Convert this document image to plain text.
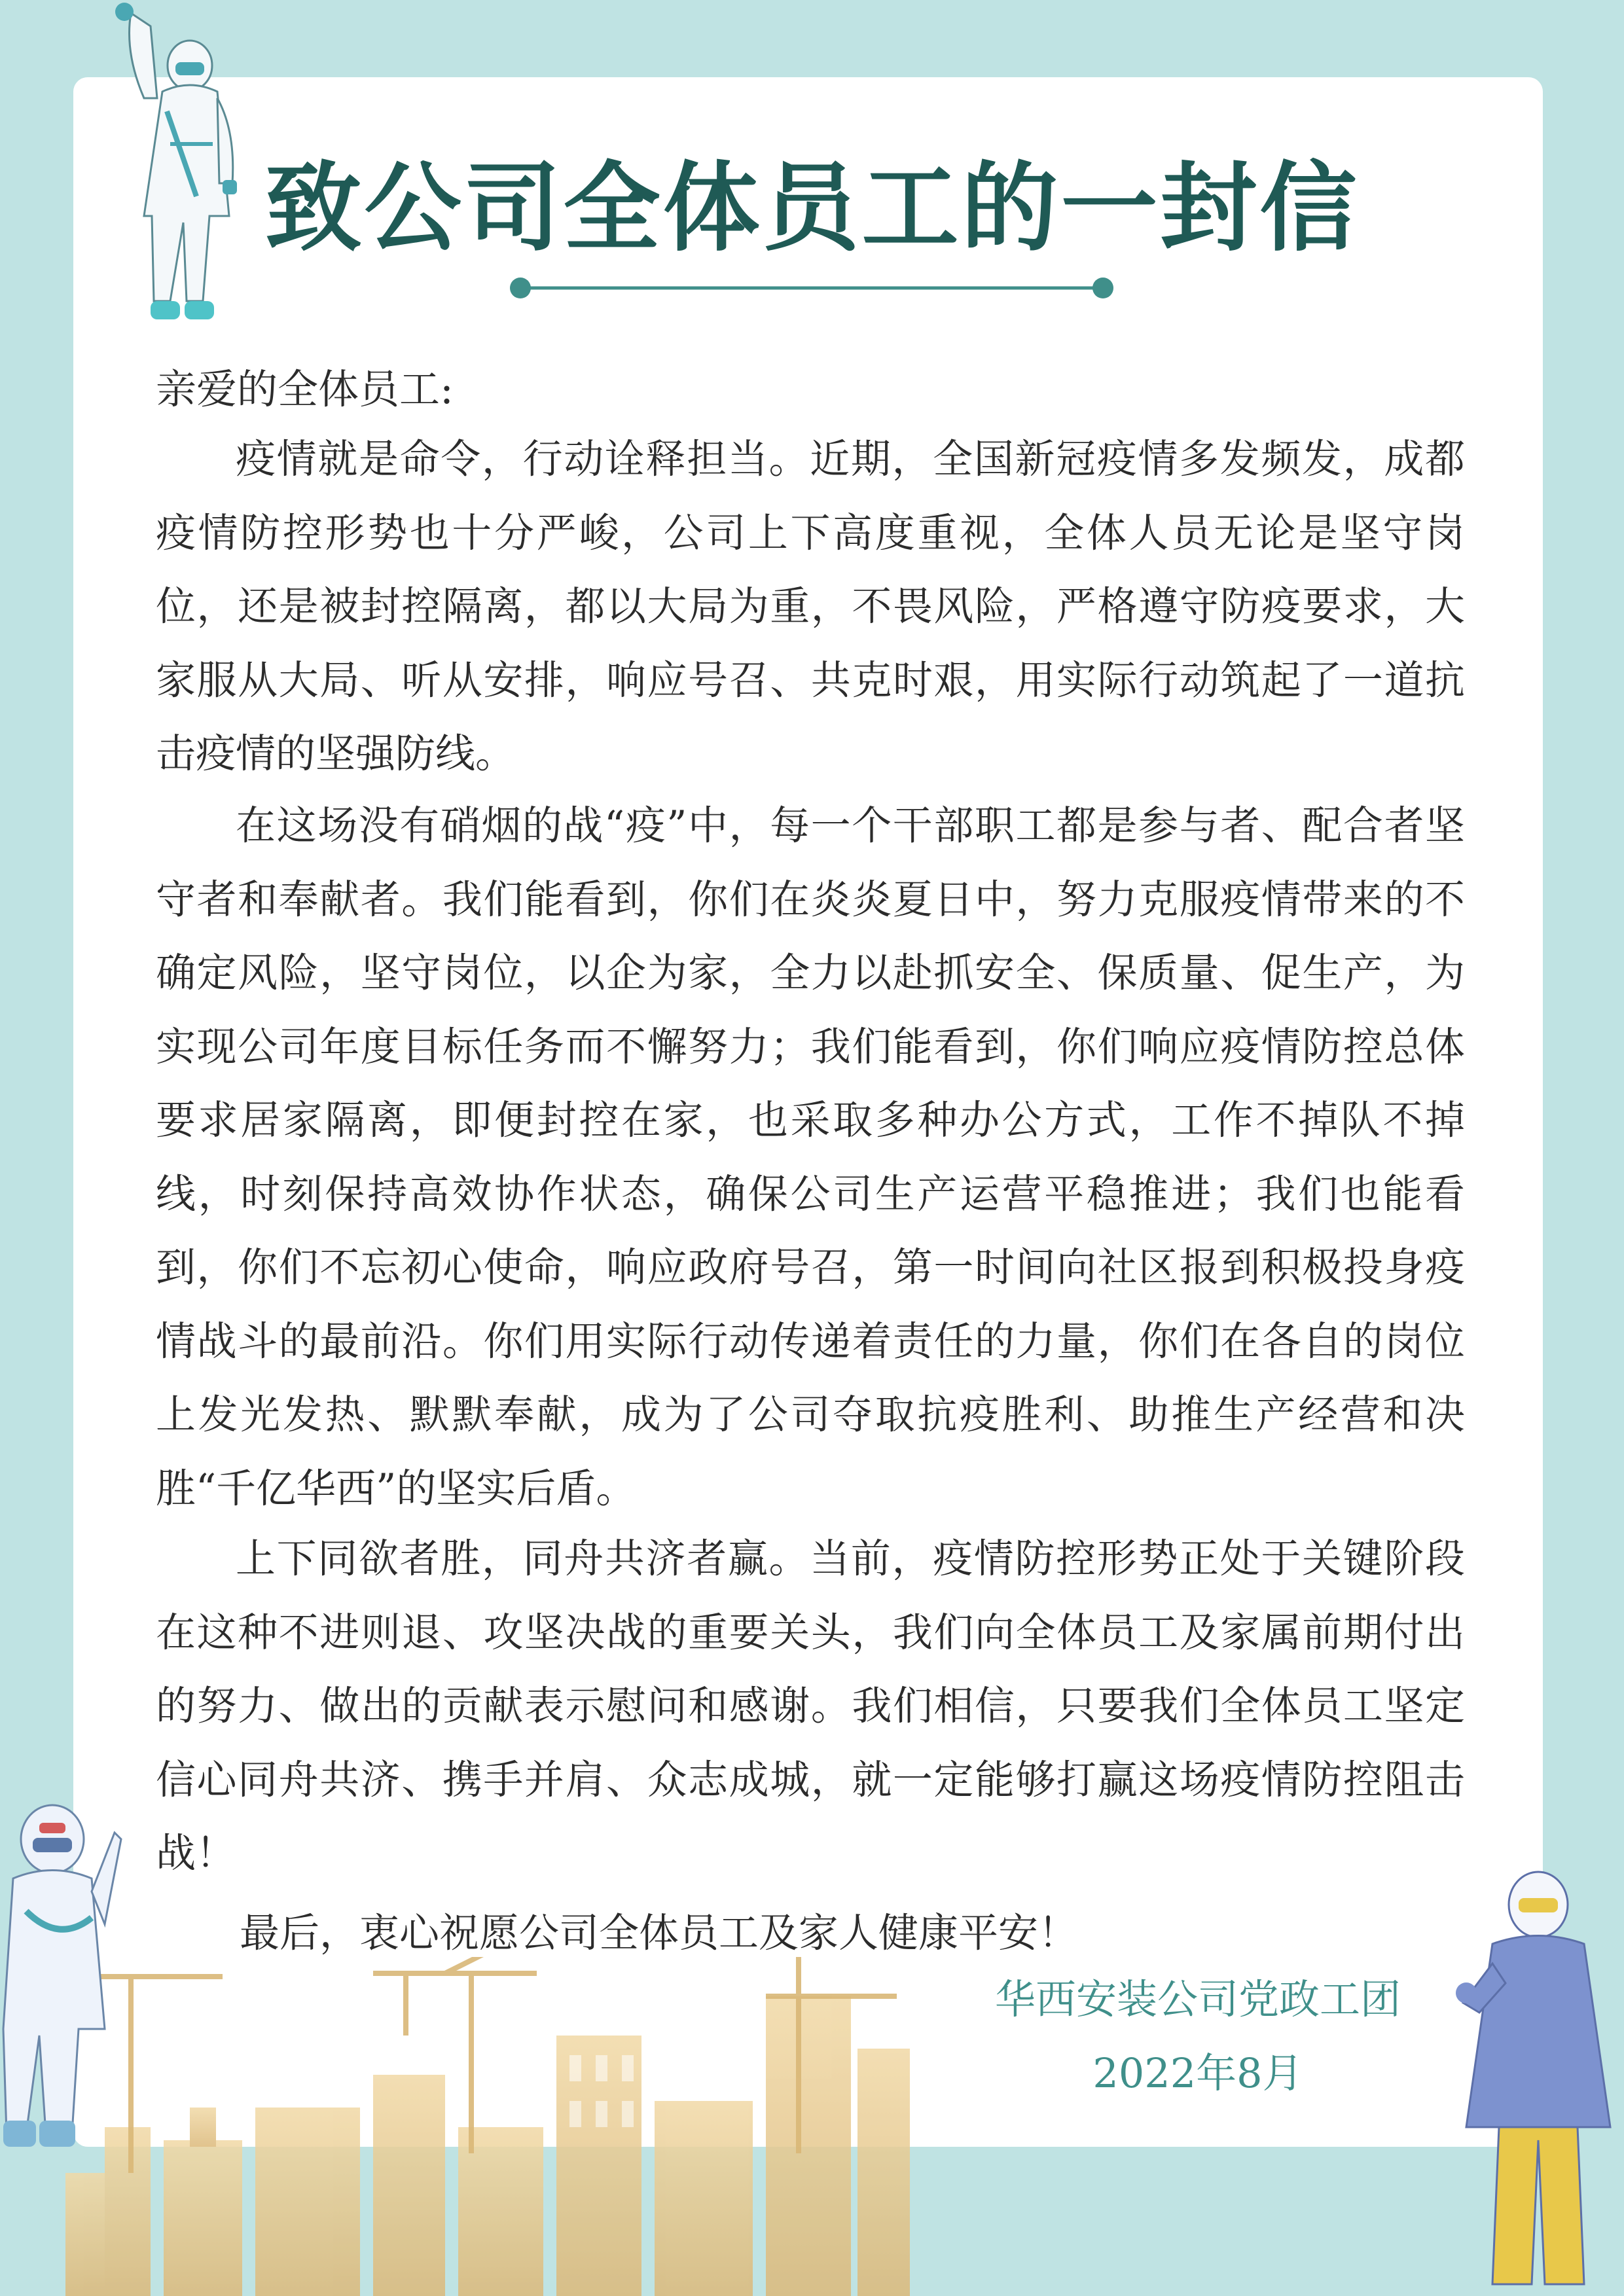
致公司全体员工的一封信

亲爱的全体员工:

疫情就是命令，行动诠释担当。近期，全国新冠疫情多发频发，成都疫情防控形势也十分严峻，公司上下高度重视，全体人员无论是坚守岗位，还是被封控隔离，都以大局为重，不畏风险，严格遵守防疫要求，大家服从大局、听从安排，响应号召、共克时艰，用实际行动筑起了一道抗击疫情的坚强防线。

在这场没有硝烟的战“疫”中，每一个干部职工都是参与者、配合者坚守者和奉献者。我们能看到，你们在炎炎夏日中，努力克服疫情带来的不确定风险，坚守岗位，以企为家，全力以赴抓安全、保质量、促生产，为实现公司年度目标任务而不懈努力；我们能看到，你们响应疫情防控总体要求居家隔离，即便封控在家，也采取多种办公方式，工作不掉队不掉线，时刻保持高效协作状态，确保公司生产运营平稳推进；我们也能看到，你们不忘初心使命，响应政府号召，第一时间向社区报到积极投身疫情战斗的最前沿。你们用实际行动传递着责任的力量，你们在各自的岗位上发光发热、默默奉献，成为了公司夺取抗疫胜利、助推生产经营和决胜“千亿华西”的坚实后盾。

上下同欲者胜，同舟共济者赢。当前，疫情防控形势正处于关键阶段在这种不进则退、攻坚决战的重要关头，我们向全体员工及家属前期付出的努力、做出的贡献表示慰问和感谢。我们相信，只要我们全体员工坚定信心同舟共济、携手并肩、众志成城，就一定能够打赢这场疫情防控阻击战！

最后，衷心祝愿公司全体员工及家人健康平安！

华西安装公司党政工团

2022年8月
